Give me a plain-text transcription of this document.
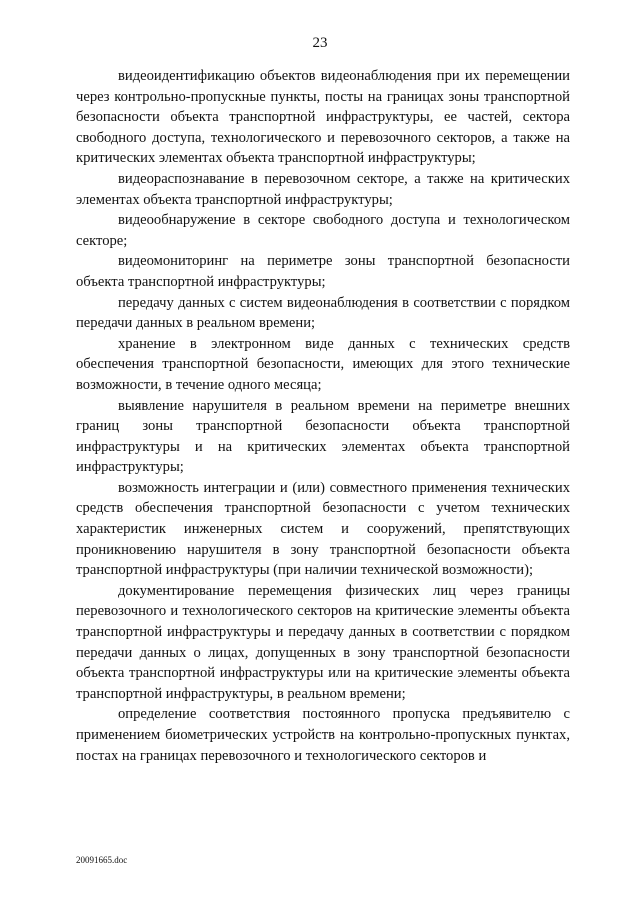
23

видеоидентификацию объектов видеонаблюдения при их перемещении через контрольно-пропускные пункты, посты на границах зоны транспортной безопасности объекта транспортной инфраструктуры, ее частей, сектора свободного доступа, технологического и перевозочного секторов, а также на критических элементах объекта транспортной инфраструктуры;

видеораспознавание в перевозочном секторе, а также на критических элементах объекта транспортной инфраструктуры;

видеообнаружение в секторе свободного доступа и технологическом секторе;

видеомониторинг на периметре зоны транспортной безопасности объекта транспортной инфраструктуры;

передачу данных с систем видеонаблюдения в соответствии с порядком передачи данных в реальном времени;

хранение в электронном виде данных с технических средств обеспечения транспортной безопасности, имеющих для этого технические возможности, в течение одного месяца;

выявление нарушителя в реальном времени на периметре внешних границ зоны транспортной безопасности объекта транспортной инфраструктуры и на критических элементах объекта транспортной инфраструктуры;

возможность интеграции и (или) совместного применения технических средств обеспечения транспортной безопасности с учетом технических характеристик инженерных систем и сооружений, препятствующих проникновению нарушителя в зону транспортной безопасности объекта транспортной инфраструктуры (при наличии технической возможности);

документирование перемещения физических лиц через границы перевозочного и технологического секторов на критические элементы объекта транспортной инфраструктуры и передачу данных в соответствии с порядком передачи данных о лицах, допущенных в зону транспортной безопасности объекта транспортной инфраструктуры или на критические элементы объекта транспортной инфраструктуры, в реальном времени;

определение соответствия постоянного пропуска предъявителю с применением биометрических устройств на контрольно-пропускных пунктах, постах на границах перевозочного и технологического секторов и

20091665.doc
